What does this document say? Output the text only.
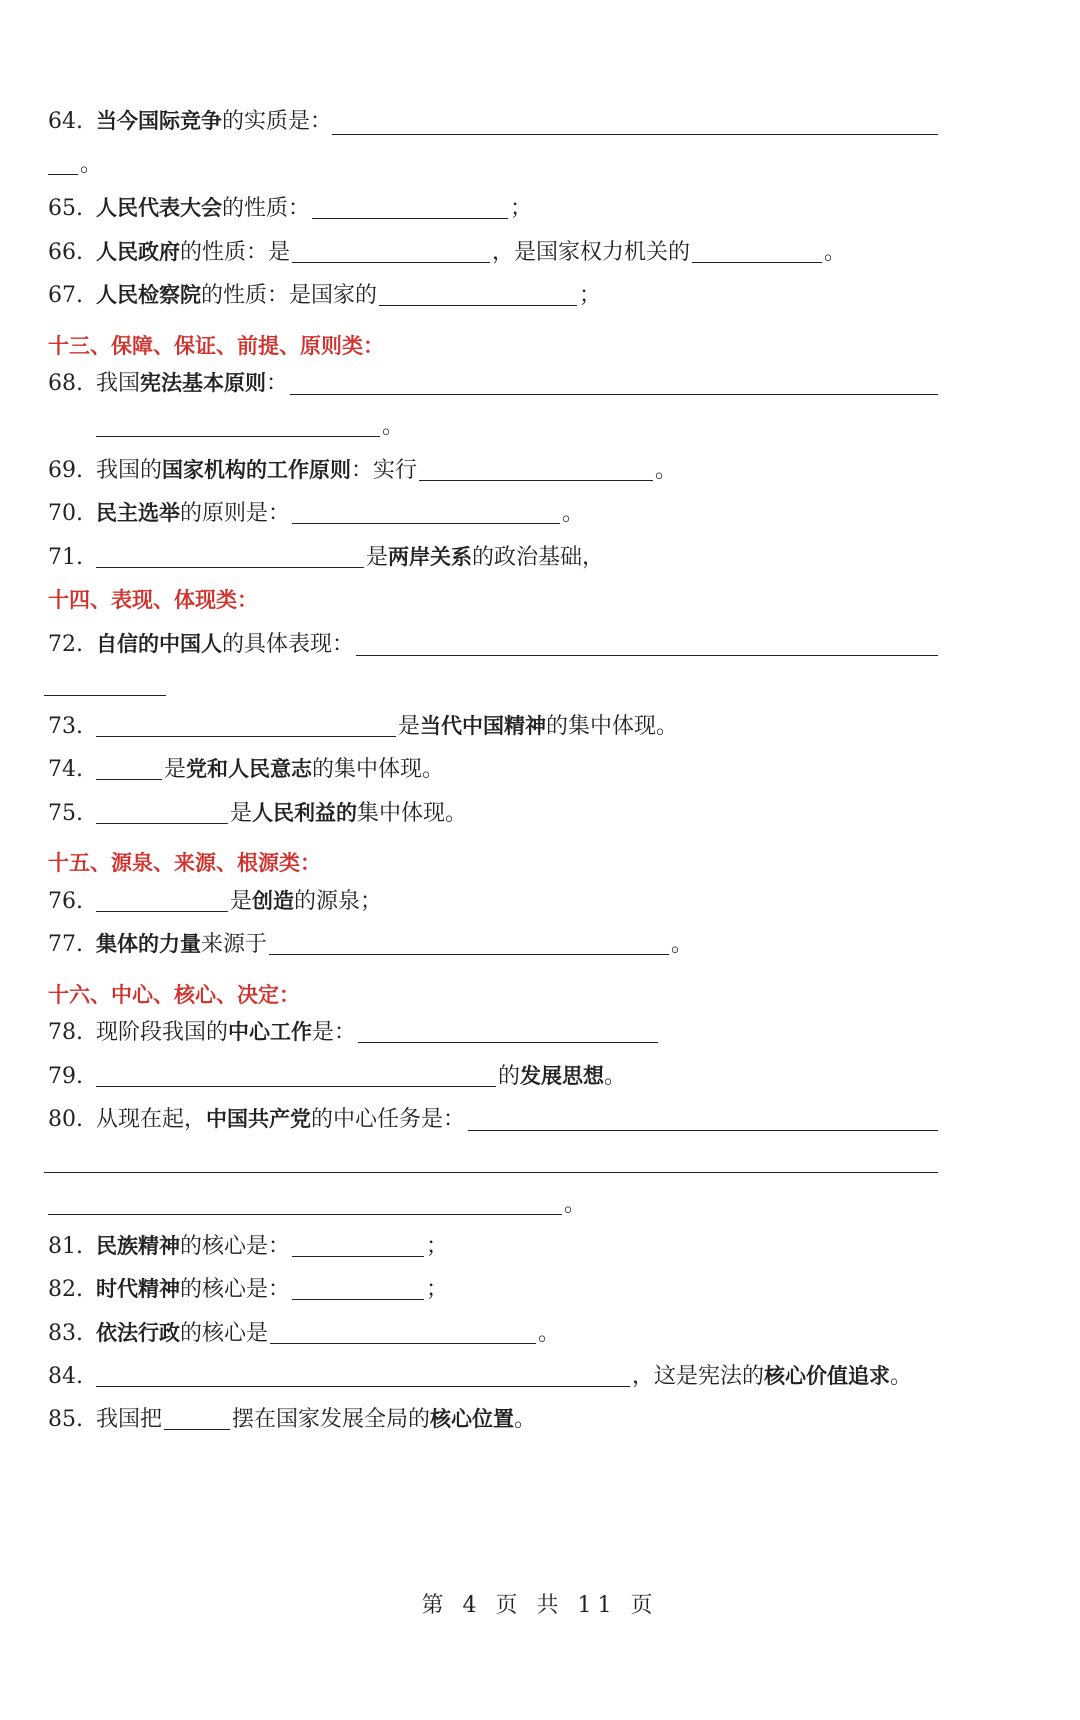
64. 当今国际竞争的实质是：
。
65. 人民代表大会的性质：	；
66. 人民政府的性质：是	，是国家权力机关的	。
67. 人民检察院的性质：是国家的	；
十三、保障、保证、前提、原则类：
68. 我国宪法基本原则：
。
69. 我国的国家机构的工作原则：实行	。
70. 民主选举的原则是：	。
71.	是两岸关系的政治基础，
十四、表现、体现类：
72. 自信的中国人的具体表现：
73.	是当代中国精神的集中体现。
74.	是党和人民意志的集中体现。
75.	是人民利益的集中体现。
十五、源泉、来源、根源类：
76.	是创造的源泉；
77. 集体的力量来源于	。
十六、中心、核心、决定：
78. 现阶段我国的中心工作是：
79.	的发展思想。
80. 从现在起，中国共产党的中心任务是：
。
81. 民族精神的核心是：	；
82. 时代精神的核心是：	；
83. 依法行政的核心是	。
84.	，这是宪法的核心价值追求。
85. 我国把	摆在国家发展全局的核心位置。
第 4 页 共 11 页
